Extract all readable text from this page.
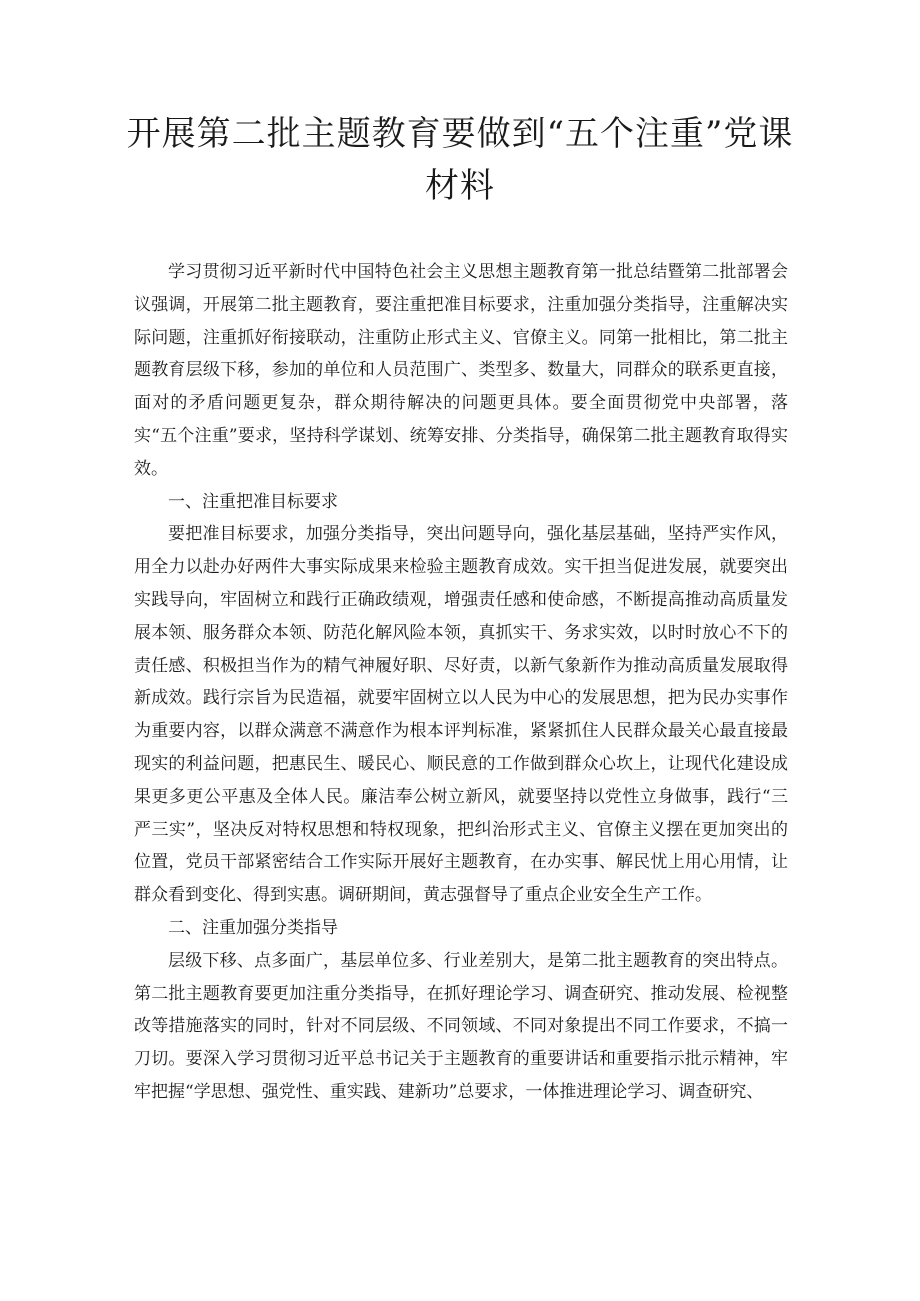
开展第二批主题教育要做到“五个注重”党课材料

学习贯彻习近平新时代中国特色社会主义思想主题教育第一批总结暨第二批部署会议强调，开展第二批主题教育，要注重把准目标要求，注重加强分类指导，注重解决实际问题，注重抓好衔接联动，注重防止形式主义、官僚主义。同第一批相比，第二批主题教育层级下移，参加的单位和人员范围广、类型多、数量大，同群众的联系更直接，面对的矛盾问题更复杂，群众期待解决的问题更具体。要全面贯彻党中央部署，落实“五个注重”要求，坚持科学谋划、统筹安排、分类指导，确保第二批主题教育取得实效。

一、注重把准目标要求

要把准目标要求，加强分类指导，突出问题导向，强化基层基础，坚持严实作风，用全力以赴办好两件大事实际成果来检验主题教育成效。实干担当促进发展，就要突出实践导向，牢固树立和践行正确政绩观，增强责任感和使命感，不断提高推动高质量发展本领、服务群众本领、防范化解风险本领，真抓实干、务求实效，以时时放心不下的责任感、积极担当作为的精气神履好职、尽好责，以新气象新作为推动高质量发展取得新成效。践行宗旨为民造福，就要牢固树立以人民为中心的发展思想，把为民办实事作为重要内容，以群众满意不满意作为根本评判标准，紧紧抓住人民群众最关心最直接最现实的利益问题，把惠民生、暖民心、顺民意的工作做到群众心坎上，让现代化建设成果更多更公平惠及全体人民。廉洁奉公树立新风，就要坚持以党性立身做事，践行“三严三实”，坚决反对特权思想和特权现象，把纠治形式主义、官僚主义摆在更加突出的位置，党员干部紧密结合工作实际开展好主题教育，在办实事、解民忧上用心用情，让群众看到变化、得到实惠。调研期间，黄志强督导了重点企业安全生产工作。

二、注重加强分类指导

层级下移、点多面广，基层单位多、行业差别大，是第二批主题教育的突出特点。第二批主题教育要更加注重分类指导，在抓好理论学习、调查研究、推动发展、检视整改等措施落实的同时，针对不同层级、不同领域、不同对象提出不同工作要求，不搞一刀切。要深入学习贯彻习近平总书记关于主题教育的重要讲话和重要指示批示精神，牢牢把握“学思想、强党性、重实践、建新功”总要求，一体推进理论学习、调查研究、
